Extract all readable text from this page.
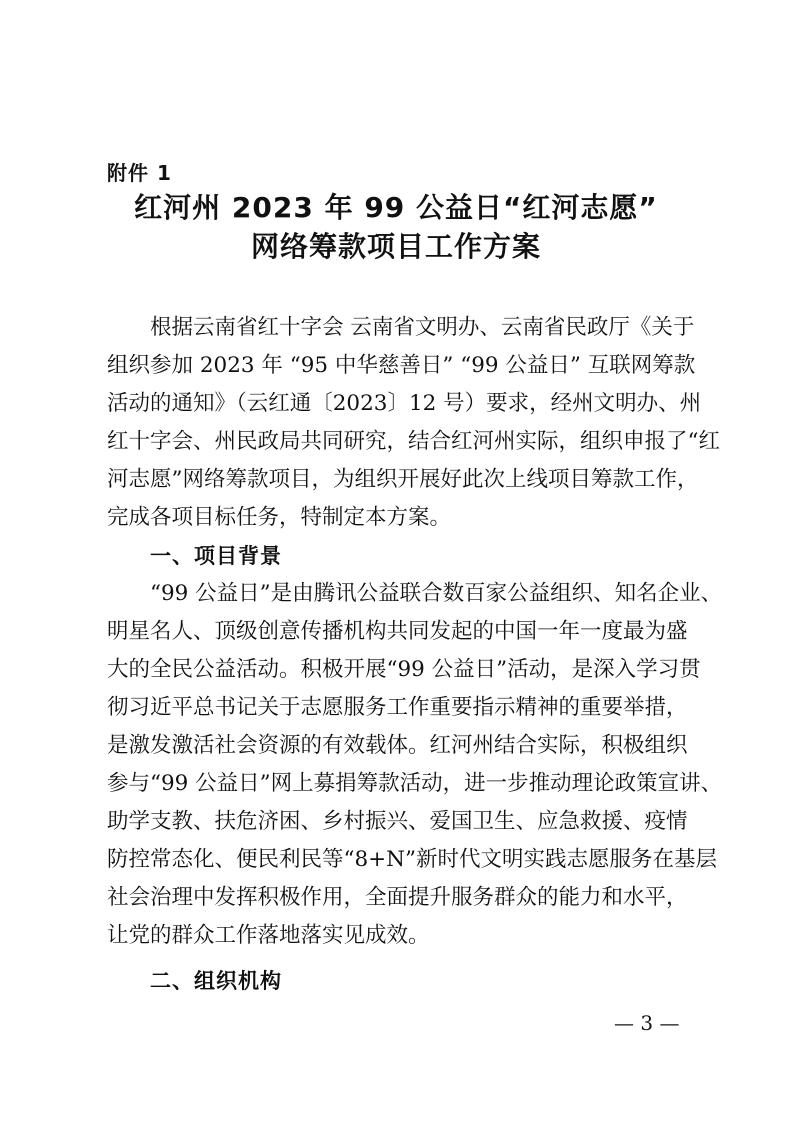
附件 1
红河州 2023 年 99 公益日“红河志愿”
网络筹款项目工作方案
根据云南省红十字会 云南省文明办、云南省民政厅《关于
组织参加 2023 年 “95 中华慈善日” “99 公益日” 互联网筹款
活动的通知》（云红通〔2023〕12 号）要求，经州文明办、州
红十字会、州民政局共同研究，结合红河州实际，组织申报了“红
河志愿”网络筹款项目，为组织开展好此次上线项目筹款工作，
完成各项目标任务，特制定本方案。
一、项目背景
“99 公益日”是由腾讯公益联合数百家公益组织、知名企业、
明星名人、顶级创意传播机构共同发起的中国一年一度最为盛
大的全民公益活动。积极开展“99 公益日”活动，是深入学习贯
彻习近平总书记关于志愿服务工作重要指示精神的重要举措，
是激发激活社会资源的有效载体。红河州结合实际，积极组织
参与“99 公益日”网上募捐筹款活动，进一步推动理论政策宣讲、
助学支教、扶危济困、乡村振兴、爱国卫生、应急救援、疫情
防控常态化、便民利民等“8+N”新时代文明实践志愿服务在基层
社会治理中发挥积极作用，全面提升服务群众的能力和水平，
让党的群众工作落地落实见成效。
二、组织机构
— 3 —
